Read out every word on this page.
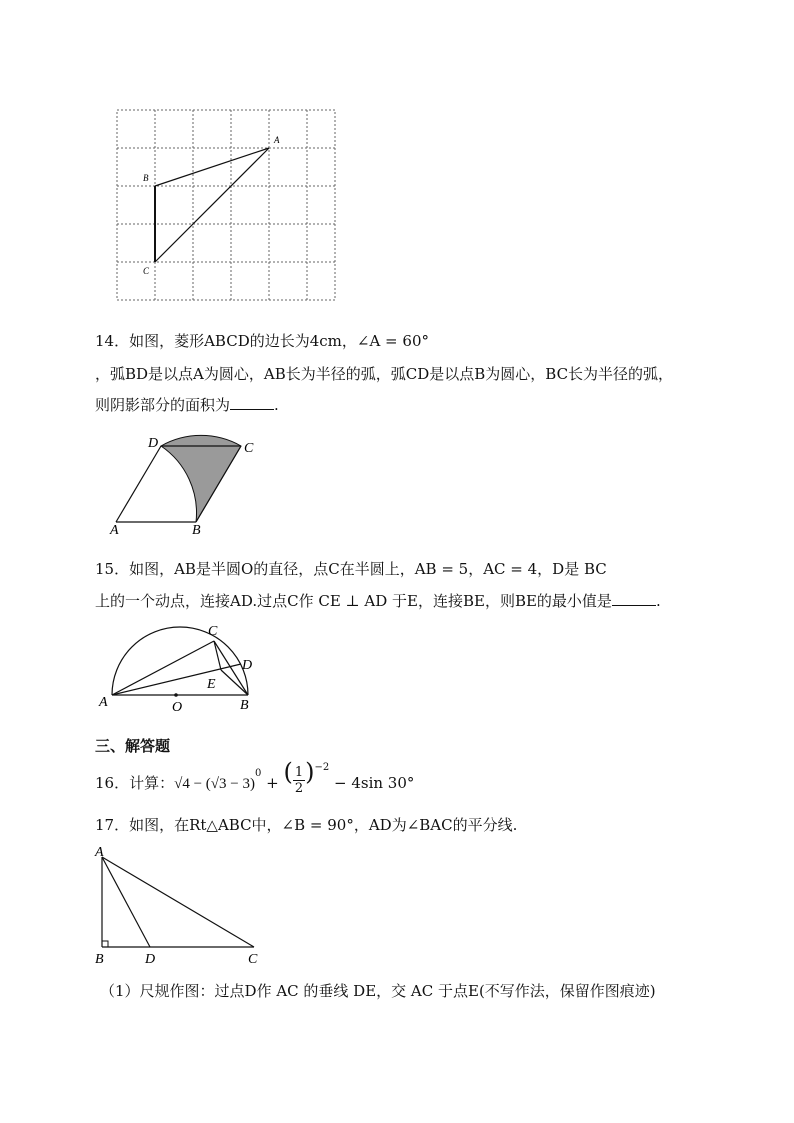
A
B
C
14．如图，菱形ABCD的边长为4cm，∠A = 60°
，弧BD是以点A为圆心，AB长为半径的弧，弧CD是以点B为圆心，BC长为半径的弧，
则阴影部分的面积为	.
D	C
A	B
15．如图，AB是半圆O的直径，点C在半圆上，AB = 5，AC = 4，D是 BC
上的一个动点，连接AD.过点C作 CE ⊥ AD 于E，连接BE，则BE的最小值是	.
C
D
E
A	O	B
三、解答题
16．计算：$√4 - (√3 - 3)^0$ + ( $\frac{1}{2} )^{-2} - 4\sin$ 30°
17．如图，在Rt△ABC中，∠B = 90°，AD为∠BAC的平分线.
A
B	D	C
（1）尺规作图：过点D作 AC 的垂线 DE，交 AC 于点E(不写作法，保留作图痕迹)
